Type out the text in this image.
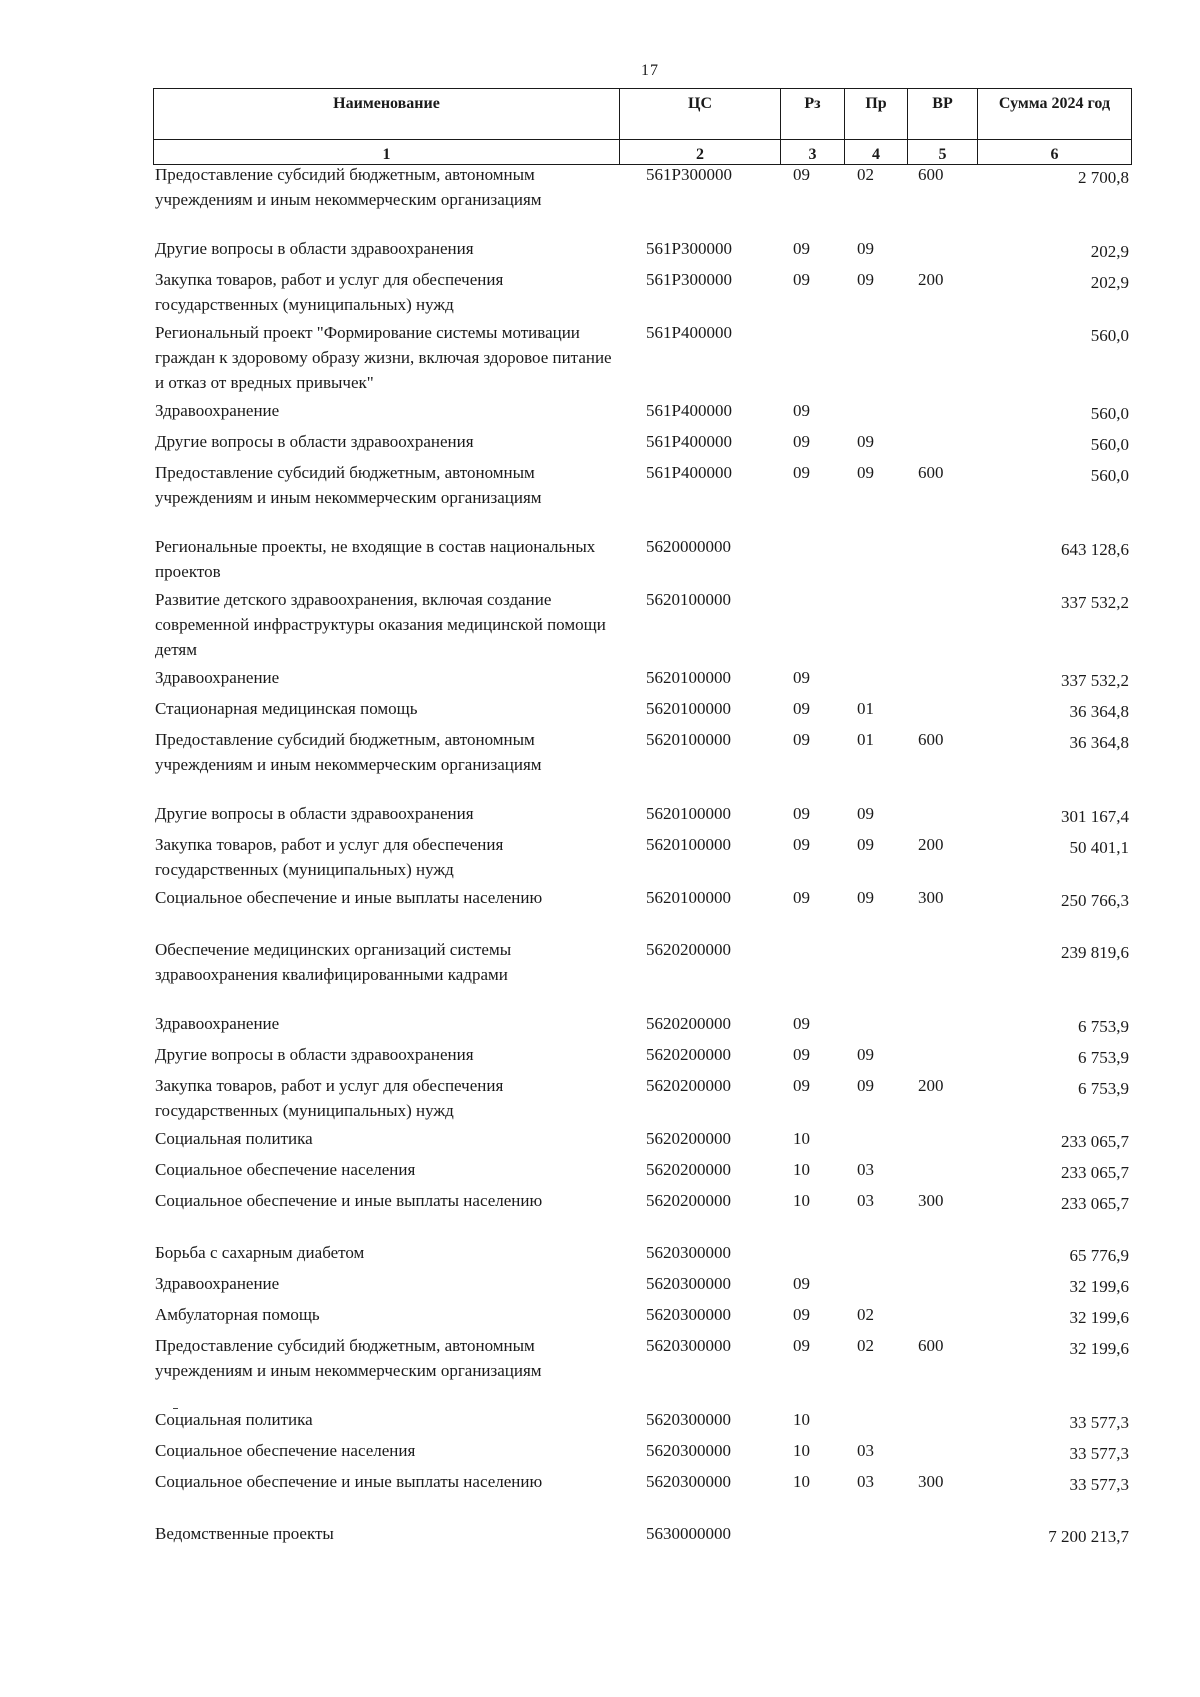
17
Наименование	ЦС	Рз	Пр	ВР	Сумма 2024 год
1	2	3	4	5	6
Предоставление субсидий бюджетным, автономным учреждениям и иным некоммерческим организациям	561P300000	09	02	600	2 700,8
Другие вопросы в области здравоохранения	561P300000	09	09		202,9
Закупка товаров, работ и услуг для обеспечения государственных (муниципальных) нужд	561P300000	09	09	200	202,9
Региональный проект "Формирование системы мотивации граждан к здоровому образу жизни, включая здоровое питание и отказ от вредных привычек"	561P400000				560,0
Здравоохранение	561P400000	09			560,0
Другие вопросы в области здравоохранения	561P400000	09	09		560,0
Предоставление субсидий бюджетным, автономным учреждениям и иным некоммерческим организациям	561P400000	09	09	600	560,0
Региональные проекты, не входящие в состав национальных проектов	5620000000				643 128,6
Развитие детского здравоохранения, включая создание современной инфраструктуры оказания медицинской помощи детям	5620100000				337 532,2
Здравоохранение	5620100000	09			337 532,2
Стационарная медицинская помощь	5620100000	09	01		36 364,8
Предоставление субсидий бюджетным, автономным учреждениям и иным некоммерческим организациям	5620100000	09	01	600	36 364,8
Другие вопросы в области здравоохранения	5620100000	09	09		301 167,4
Закупка товаров, работ и услуг для обеспечения государственных (муниципальных) нужд	5620100000	09	09	200	50 401,1
Социальное обеспечение и иные выплаты населению	5620100000	09	09	300	250 766,3
Обеспечение медицинских организаций системы здравоохранения квалифицированными кадрами	5620200000				239 819,6
Здравоохранение	5620200000	09			6 753,9
Другие вопросы в области здравоохранения	5620200000	09	09		6 753,9
Закупка товаров, работ и услуг для обеспечения государственных (муниципальных) нужд	5620200000	09	09	200	6 753,9
Социальная политика	5620200000	10			233 065,7
Социальное обеспечение населения	5620200000	10	03		233 065,7
Социальное обеспечение и иные выплаты населению	5620200000	10	03	300	233 065,7
Борьба с сахарным диабетом	5620300000				65 776,9
Здравоохранение	5620300000	09			32 199,6
Амбулаторная помощь	5620300000	09	02		32 199,6
Предоставление субсидий бюджетным, автономным учреждениям и иным некоммерческим организациям	5620300000	09	02	600	32 199,6
Социальная политика	5620300000	10			33 577,3
Социальное обеспечение населения	5620300000	10	03		33 577,3
Социальное обеспечение и иные выплаты населению	5620300000	10	03	300	33 577,3
Ведомственные проекты	5630000000				7 200 213,7
